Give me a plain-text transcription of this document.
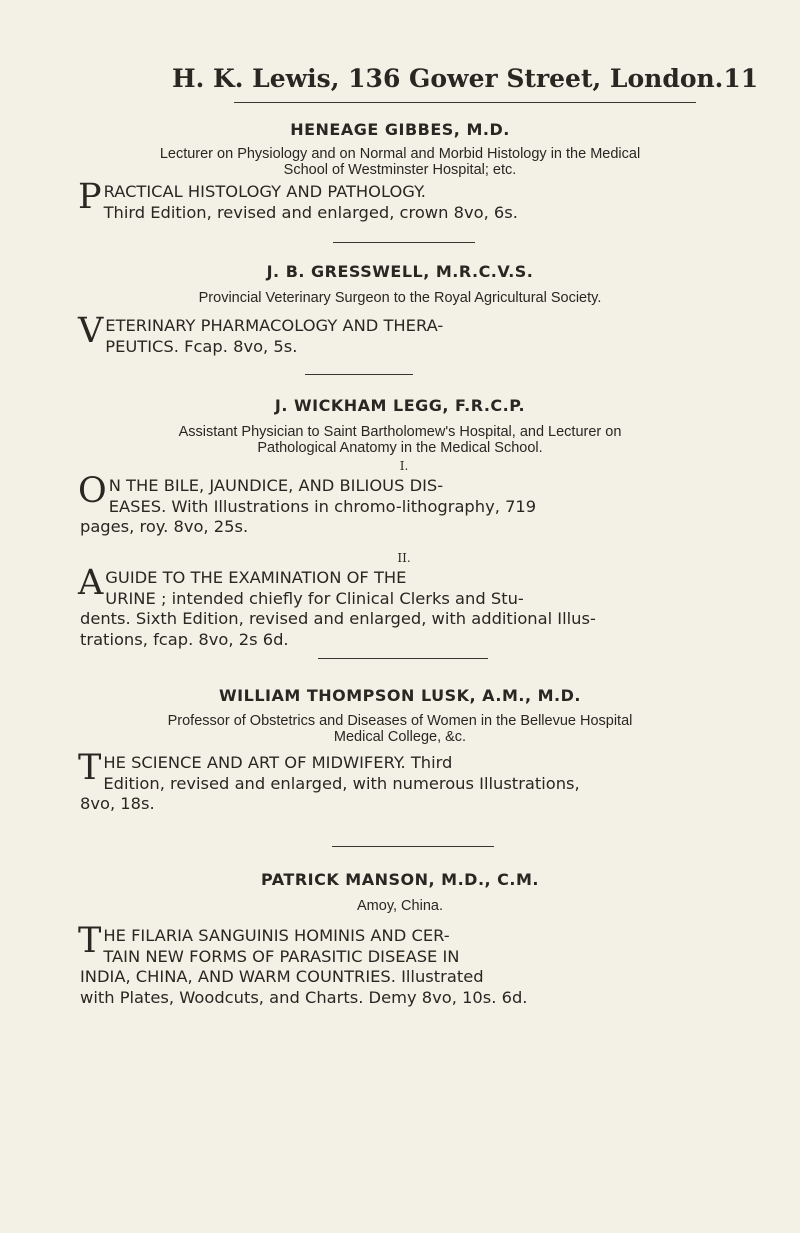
H. K. Lewis, 136 Gower Street, London. 11
HENEAGE GIBBES, M.D.
Lecturer on Physiology and on Normal and Morbid Histology in the Medical
School of Westminster Hospital; etc.
P RACTICAL HISTOLOGY AND PATHOLOGY.
Third Edition, revised and enlarged, crown 8vo, 6s.
J. B. GRESSWELL, M.R.C.V.S.
Provincial Veterinary Surgeon to the Royal Agricultural Society.
V ETERINARY PHARMACOLOGY AND THERA-
PEUTICS. Fcap. 8vo, 5s.
J. WICKHAM LEGG, F.R.C.P.
Assistant Physician to Saint Bartholomew's Hospital, and Lecturer on
Pathological Anatomy in the Medical School.
I.
O N THE BILE, JAUNDICE, AND BILIOUS DIS-
EASES. With Illustrations in chromo-lithography, 719
pages, roy. 8vo, 25s.
II.
A GUIDE TO THE EXAMINATION OF THE
URINE ; intended chiefly for Clinical Clerks and Stu-
dents. Sixth Edition, revised and enlarged, with additional Illus-
trations, fcap. 8vo, 2s 6d.
WILLIAM THOMPSON LUSK, A.M., M.D.
Professor of Obstetrics and Diseases of Women in the Bellevue Hospital
Medical College, &c.
T HE SCIENCE AND ART OF MIDWIFERY. Third
Edition, revised and enlarged, with numerous Illustrations,
8vo, 18s.
PATRICK MANSON, M.D., C.M.
Amoy, China.
T HE FILARIA SANGUINIS HOMINIS AND CER-
TAIN NEW FORMS OF PARASITIC DISEASE IN
INDIA, CHINA, AND WARM COUNTRIES. Illustrated
with Plates, Woodcuts, and Charts. Demy 8vo, 10s. 6d.
